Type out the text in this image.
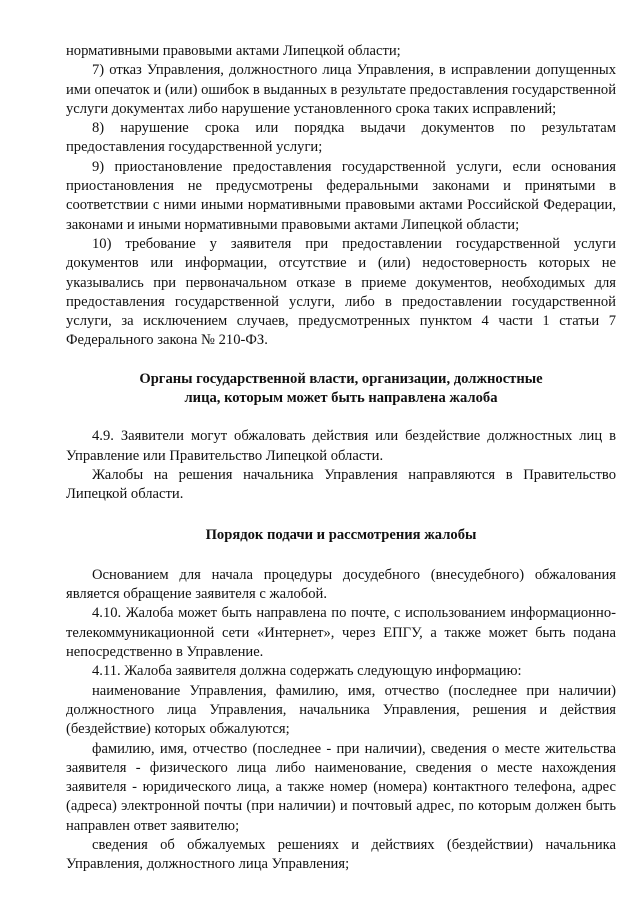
нормативными правовыми актами Липецкой области;

7) отказ Управления, должностного лица Управления, в исправлении допущенных ими опечаток и (или) ошибок в выданных в результате предоставления государственной услуги документах либо нарушение установленного срока таких исправлений;

8) нарушение срока или порядка выдачи документов по результатам предоставления государственной услуги;

9) приостановление предоставления государственной услуги, если основания приостановления не предусмотрены федеральными законами и принятыми в соответствии с ними иными нормативными правовыми актами Российской Федерации, законами и иными нормативными правовыми актами Липецкой области;

10) требование у заявителя при предоставлении государственной услуги документов или информации, отсутствие и (или) недостоверность которых не указывались при первоначальном отказе в приеме документов, необходимых для предоставления государственной услуги, либо в предоставлении государственной услуги, за исключением случаев, предусмотренных пунктом 4 части 1 статьи 7 Федерального закона № 210-ФЗ.

Органы государственной власти, организации, должностные
лица, которым может быть направлена жалоба

4.9. Заявители могут обжаловать действия или бездействие должностных лиц в Управление или Правительство Липецкой области.

Жалобы на решения начальника Управления направляются в Правительство Липецкой области.

Порядок подачи и рассмотрения жалобы

Основанием для начала процедуры досудебного (внесудебного) обжалования является обращение заявителя с жалобой.

4.10. Жалоба может быть направлена по почте, с использованием информационно-телекоммуникационной сети «Интернет», через ЕПГУ, а также может быть подана непосредственно в Управление.

4.11. Жалоба заявителя должна содержать следующую информацию:

наименование Управления, фамилию, имя, отчество (последнее при наличии) должностного лица Управления, начальника Управления, решения и действия (бездействие) которых обжалуются;

фамилию, имя, отчество (последнее - при наличии), сведения о месте жительства заявителя - физического лица либо наименование, сведения о месте нахождения заявителя - юридического лица, а также номер (номера) контактного телефона, адрес (адреса) электронной почты (при наличии) и почтовый адрес, по которым должен быть направлен ответ заявителю;

сведения об обжалуемых решениях и действиях (бездействии) начальника Управления, должностного лица Управления;
